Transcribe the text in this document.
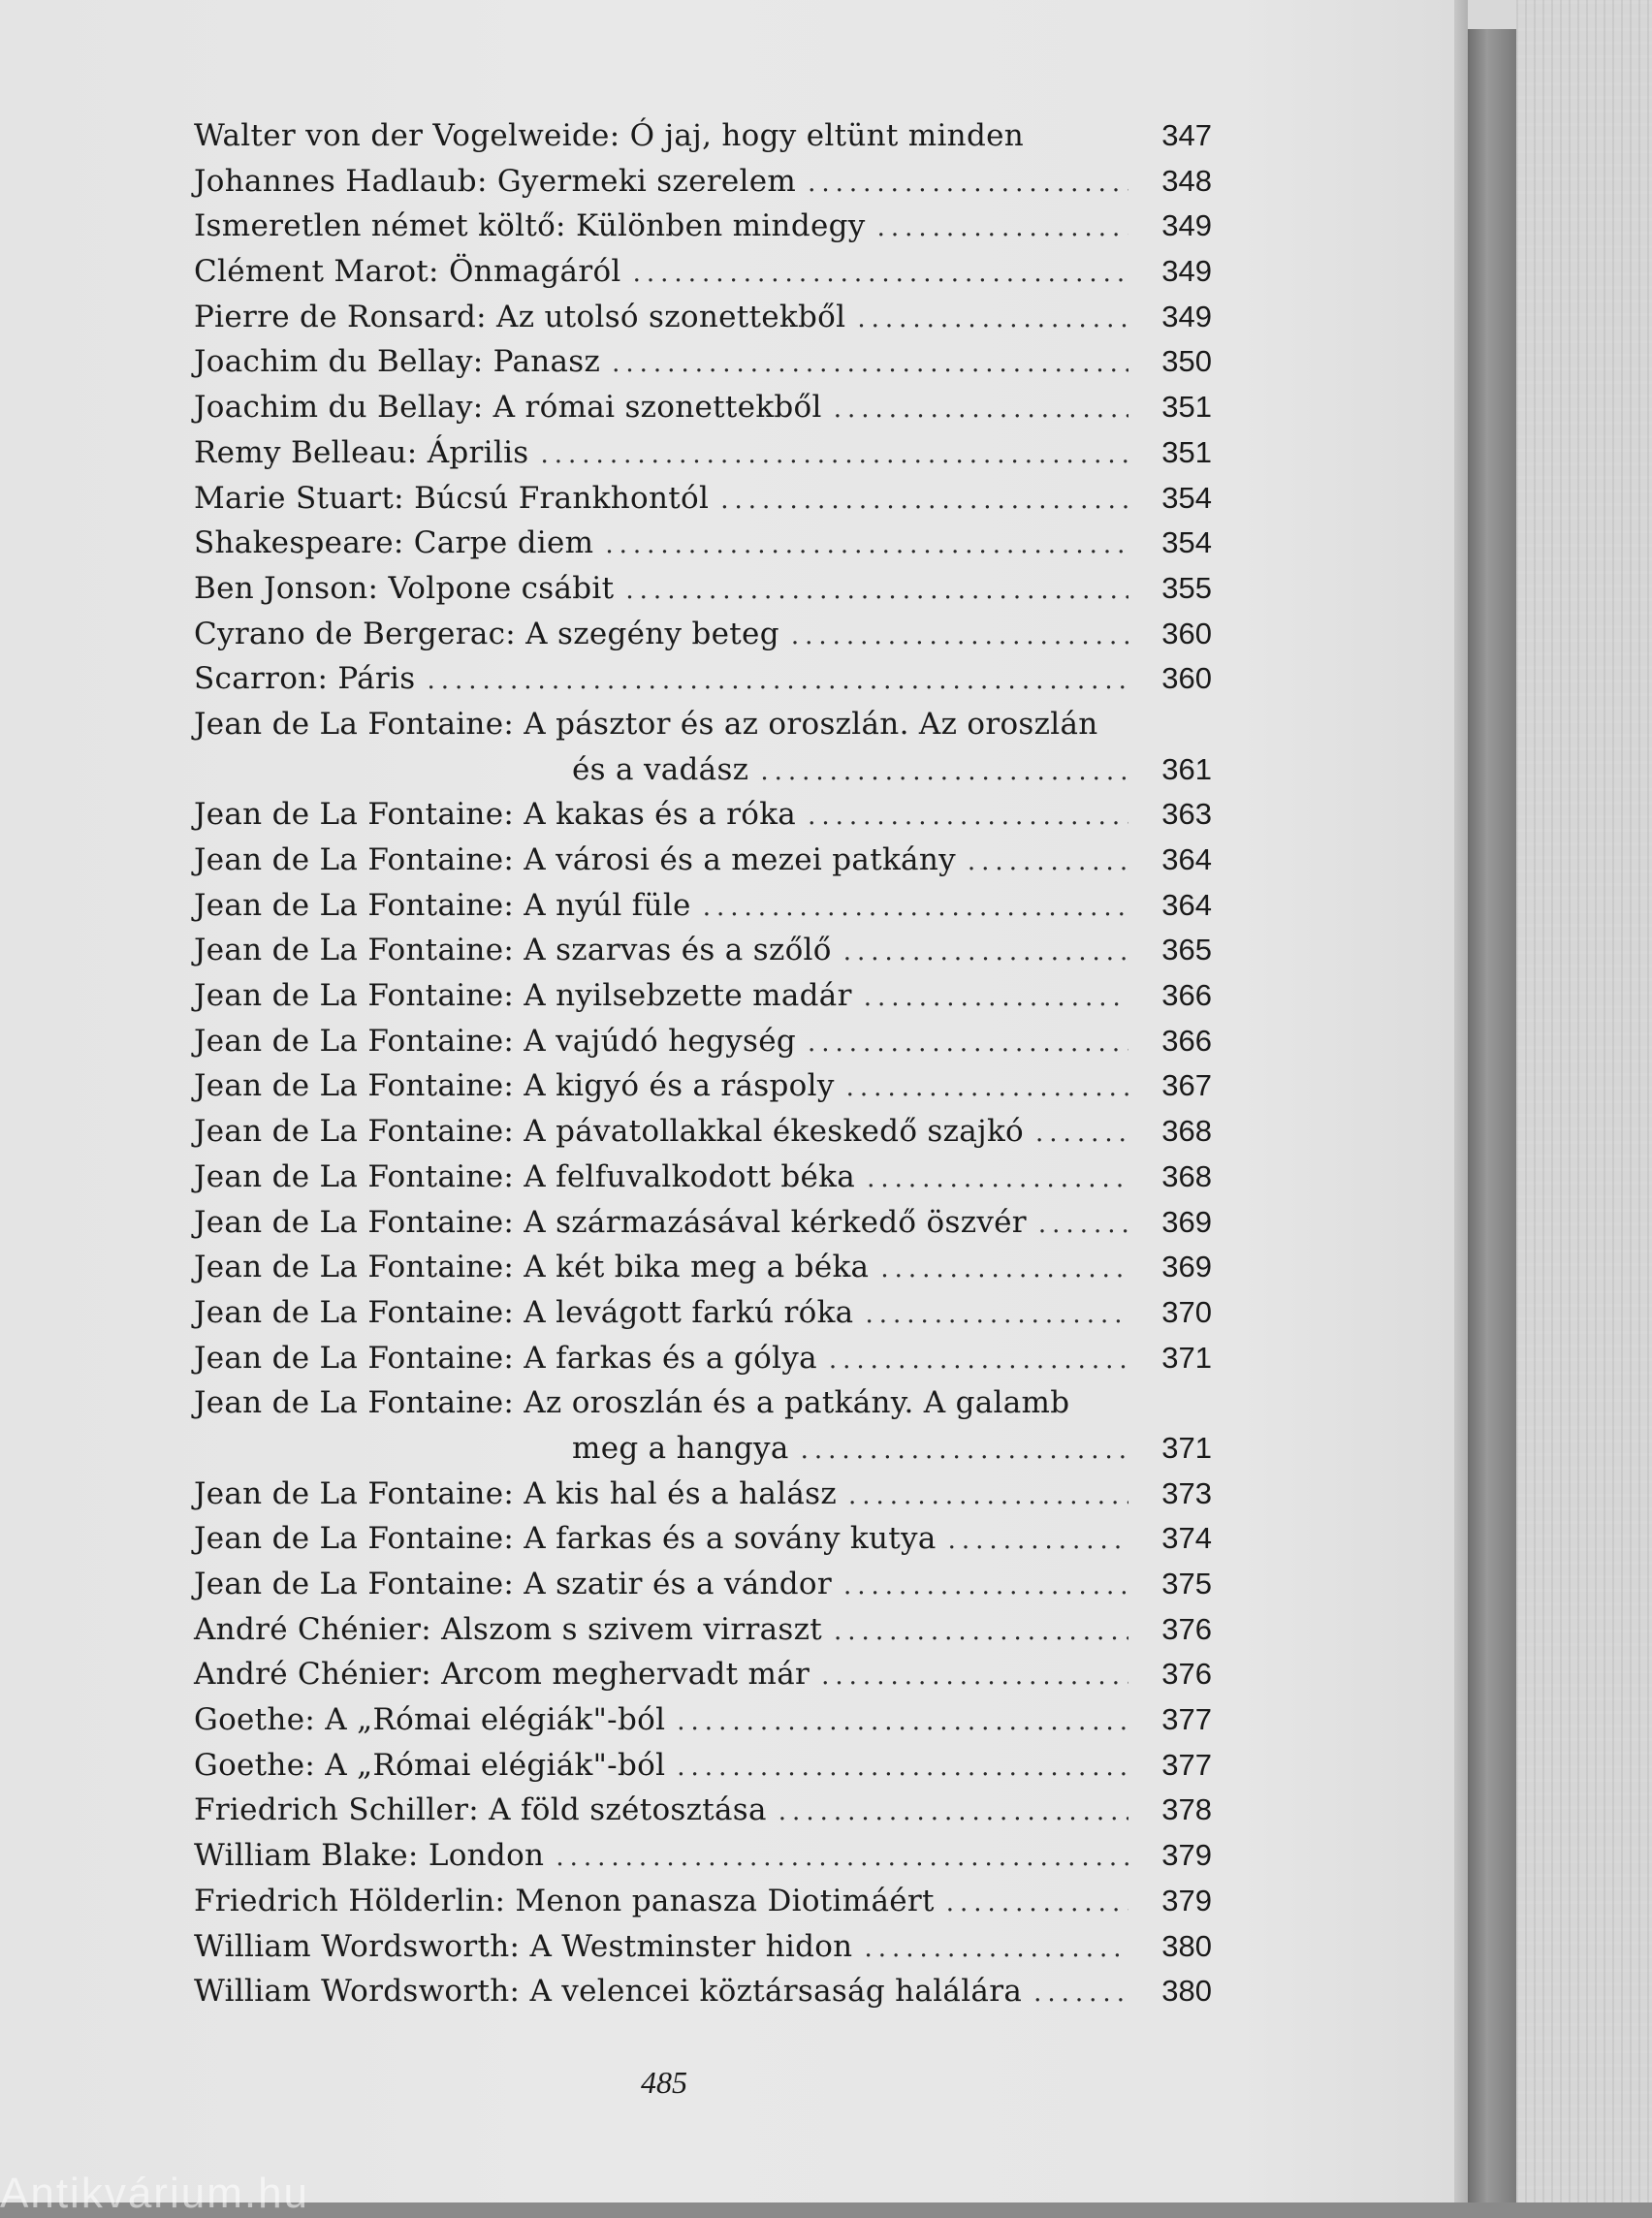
Walter von der Vogelweide: Ó jaj, hogy eltünt minden	347
Johannes Hadlaub: Gyermeki szerelem .....	348
Ismeretlen német költő: Különben mindegy .....	349
Clément Marot: Önmagáról .....	349
Pierre de Ronsard: Az utolsó szonettekből .....	349
Joachim du Bellay: Panasz .....	350
Joachim du Bellay: A római szonettekből .....	351
Remy Belleau: Április .....	351
Marie Stuart: Búcsú Frankhontól .....	354
Shakespeare: Carpe diem .....	354
Ben Jonson: Volpone csábit .....	355
Cyrano de Bergerac: A szegény beteg .....	360
Scarron: Páris .....	360
Jean de La Fontaine: A pásztor és az oroszlán. Az oroszlán
és a vadász .....	361
Jean de La Fontaine: A kakas és a róka .....	363
Jean de La Fontaine: A városi és a mezei patkány .....	364
Jean de La Fontaine: A nyúl füle .....	364
Jean de La Fontaine: A szarvas és a szőlő .....	365
Jean de La Fontaine: A nyilsebzette madár .....	366
Jean de La Fontaine: A vajúdó hegység .....	366
Jean de La Fontaine: A kigyó és a ráspoly .....	367
Jean de La Fontaine: A pávatollakkal ékeskedő szajkó .....	368
Jean de La Fontaine: A felfuvalkodott béka .....	368
Jean de La Fontaine: A származásával kérkedő öszvér .....	369
Jean de La Fontaine: A két bika meg a béka .....	369
Jean de La Fontaine: A levágott farkú róka .....	370
Jean de La Fontaine: A farkas és a gólya .....	371
Jean de La Fontaine: Az oroszlán és a patkány. A galamb
meg a hangya .....	371
Jean de La Fontaine: A kis hal és a halász .....	373
Jean de La Fontaine: A farkas és a sovány kutya .....	374
Jean de La Fontaine: A szatir és a vándor .....	375
André Chénier: Alszom s szivem virraszt .....	376
André Chénier: Arcom meghervadt már .....	376
Goethe: A „Római elégiák"-ból .....	377
Goethe: A „Római elégiák"-ból .....	377
Friedrich Schiller: A föld szétosztása .....	378
William Blake: London .....	379
Friedrich Hölderlin: Menon panasza Diotimáért .....	379
William Wordsworth: A Westminster hidon .....	380
William Wordsworth: A velencei köztársaság halálára .....	380
485
Antikvárium.hu
